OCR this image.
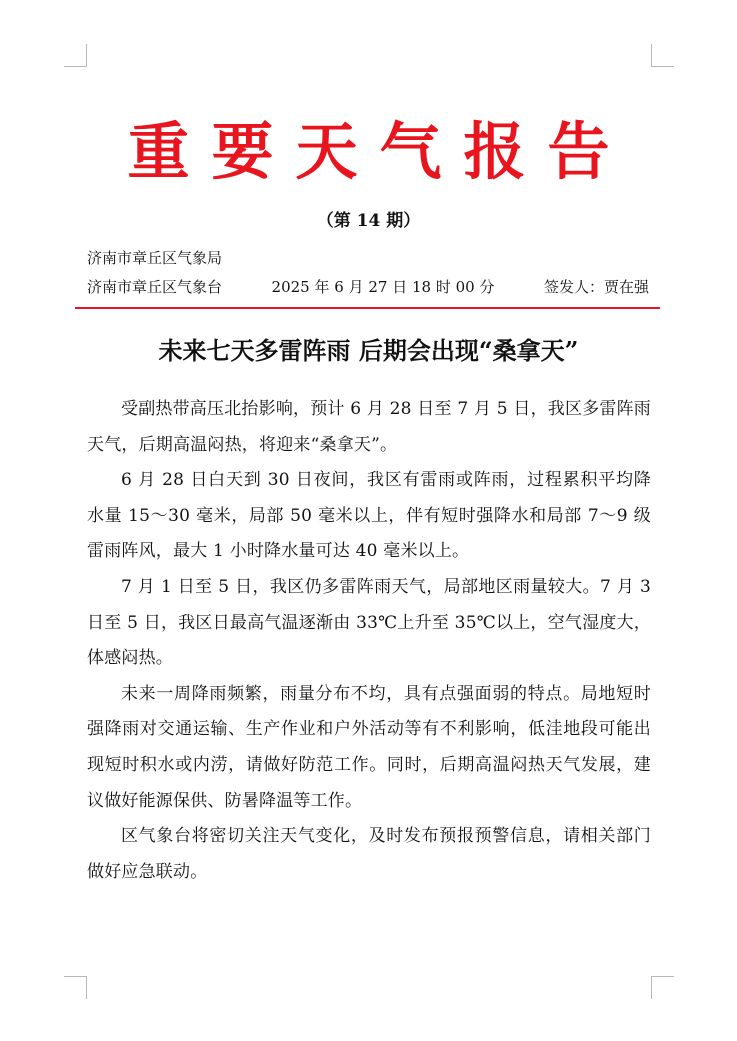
重要天气报告
（第 14 期）
济南市章丘区气象局
济南市章丘区气象台	2025 年 6 月 27 日 18 时 00 分	签发人：贾在强
未来七天多雷阵雨 后期会出现“桑拿天”

受副热带高压北抬影响，预计 6 月 28 日至 7 月 5 日，我区多雷阵雨天气，后期高温闷热，将迎来“桑拿天”。

6 月 28 日白天到 30 日夜间，我区有雷雨或阵雨，过程累积平均降水量 15～30 毫米，局部 50 毫米以上，伴有短时强降水和局部 7～9 级雷雨阵风，最大 1 小时降水量可达 40 毫米以上。

7 月 1 日至 5 日，我区仍多雷阵雨天气，局部地区雨量较大。7 月 3 日至 5 日，我区日最高气温逐渐由 33℃上升至 35℃以上，空气湿度大，体感闷热。

未来一周降雨频繁，雨量分布不均，具有点强面弱的特点。局地短时强降雨对交通运输、生产作业和户外活动等有不利影响，低洼地段可能出现短时积水或内涝，请做好防范工作。同时，后期高温闷热天气发展，建议做好能源保供、防暑降温等工作。

区气象台将密切关注天气变化，及时发布预报预警信息，请相关部门做好应急联动。
